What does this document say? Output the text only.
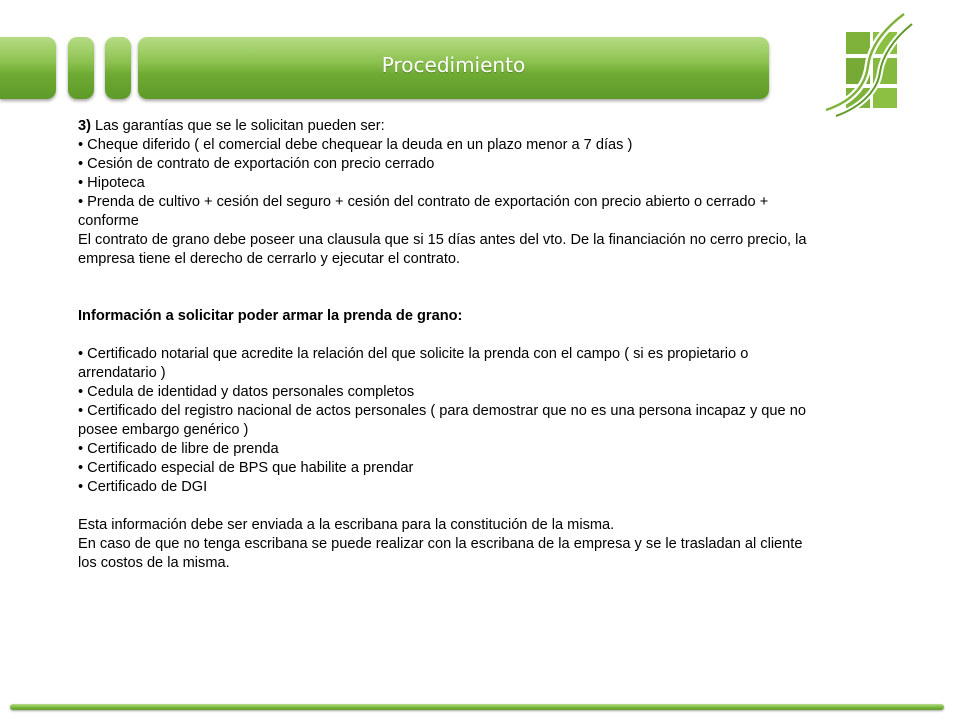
Procedimiento

3) Las garantías que se le solicitan pueden ser:

• Cheque diferido ( el comercial debe chequear la deuda en un plazo menor a 7 días )

• Cesión de contrato de exportación con precio cerrado

• Hipoteca

• Prenda de cultivo + cesión del seguro + cesión del contrato de exportación con precio abierto o cerrado + conforme

El contrato de grano debe poseer una clausula que si 15 días antes del vto. De la financiación no cerro precio, la empresa tiene el derecho de cerrarlo y ejecutar el contrato.

Información a solicitar poder armar la prenda de grano:

• Certificado notarial que acredite la relación del que solicite la prenda con el campo ( si es propietario o arrendatario )

• Cedula de identidad y datos personales completos

• Certificado del registro nacional de actos personales ( para demostrar que no es una persona incapaz y que no posee embargo genérico )

• Certificado de libre de prenda

• Certificado especial de BPS que habilite a prendar

• Certificado de DGI

Esta información debe ser enviada a la escribana para la constitución de la misma.

En caso de que no tenga escribana se puede realizar con la escribana de la empresa y se le trasladan al cliente los costos de la misma.
